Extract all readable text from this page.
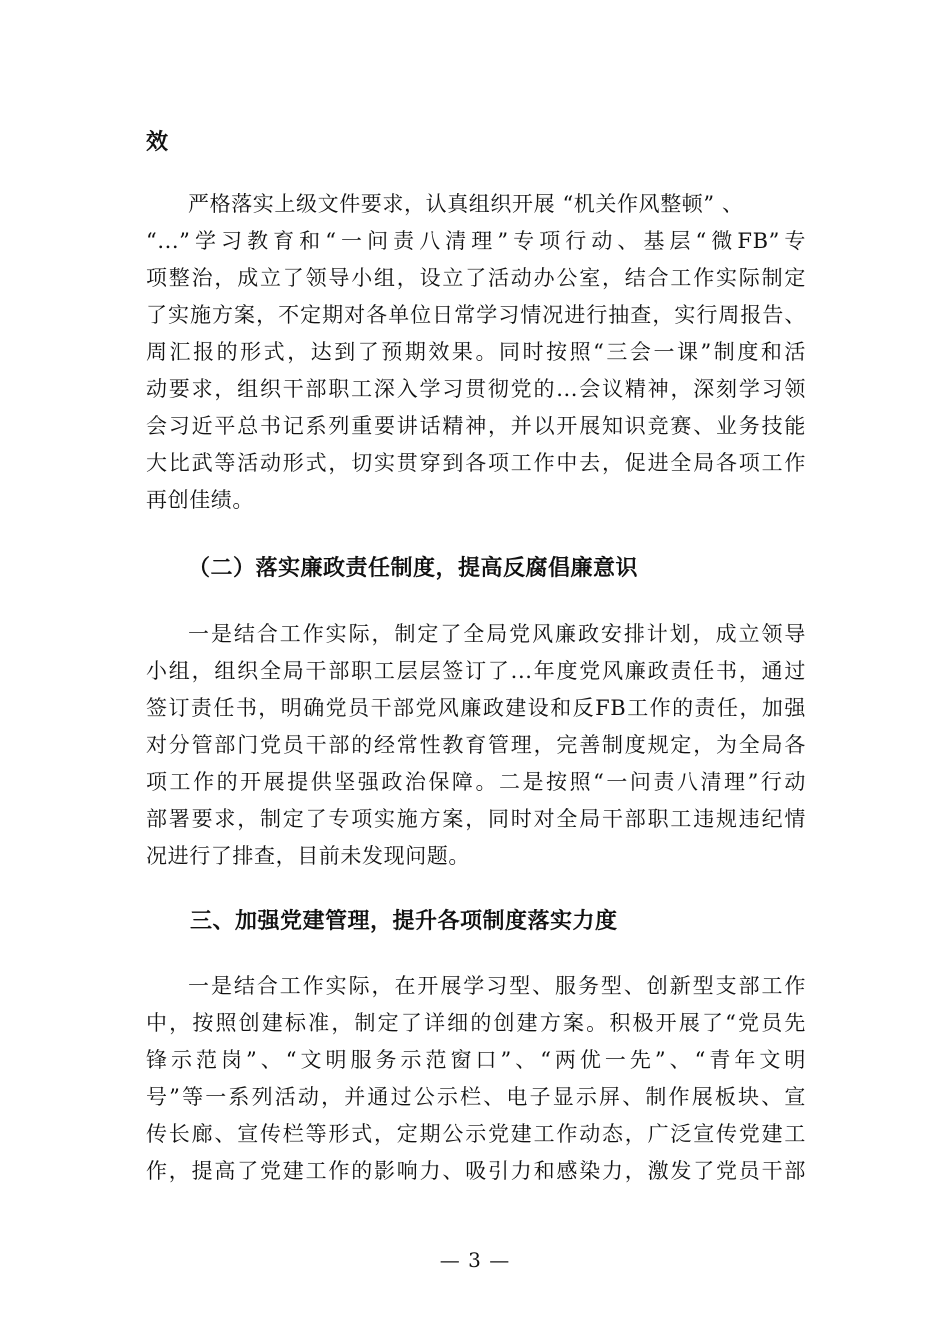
效
严格落实上级文件要求，认真组织开展 “机关作风整顿” 、
“...”学习教育和“一问责八清理”专项行动、基层“微FB”专
项整治，成立了领导小组，设立了活动办公室，结合工作实际制定
了实施方案，不定期对各单位日常学习情况进行抽查，实行周报告、
周汇报的形式，达到了预期效果。同时按照“三会一课”制度和活
动要求，组织干部职工深入学习贯彻党的...会议精神，深刻学习领
会习近平总书记系列重要讲话精神，并以开展知识竞赛、业务技能
大比武等活动形式，切实贯穿到各项工作中去，促进全局各项工作
再创佳绩。
（二）落实廉政责任制度，提高反腐倡廉意识
一是结合工作实际，制定了全局党风廉政安排计划，成立领导
小组，组织全局干部职工层层签订了...年度党风廉政责任书，通过
签订责任书，明确党员干部党风廉政建设和反FB工作的责任，加强
对分管部门党员干部的经常性教育管理，完善制度规定，为全局各
项工作的开展提供坚强政治保障。二是按照“一问责八清理”行动
部署要求，制定了专项实施方案，同时对全局干部职工违规违纪情
况进行了排查，目前未发现问题。
三、加强党建管理，提升各项制度落实力度
一是结合工作实际，在开展学习型、服务型、创新型支部工作
中，按照创建标准，制定了详细的创建方案。积极开展了“党员先
锋示范岗”、“文明服务示范窗口”、“两优一先”、“青年文明
号”等一系列活动，并通过公示栏、电子显示屏、制作展板块、宣
传长廊、宣传栏等形式，定期公示党建工作动态，广泛宣传党建工
作，提高了党建工作的影响力、吸引力和感染力，激发了党员干部
— 3 —
